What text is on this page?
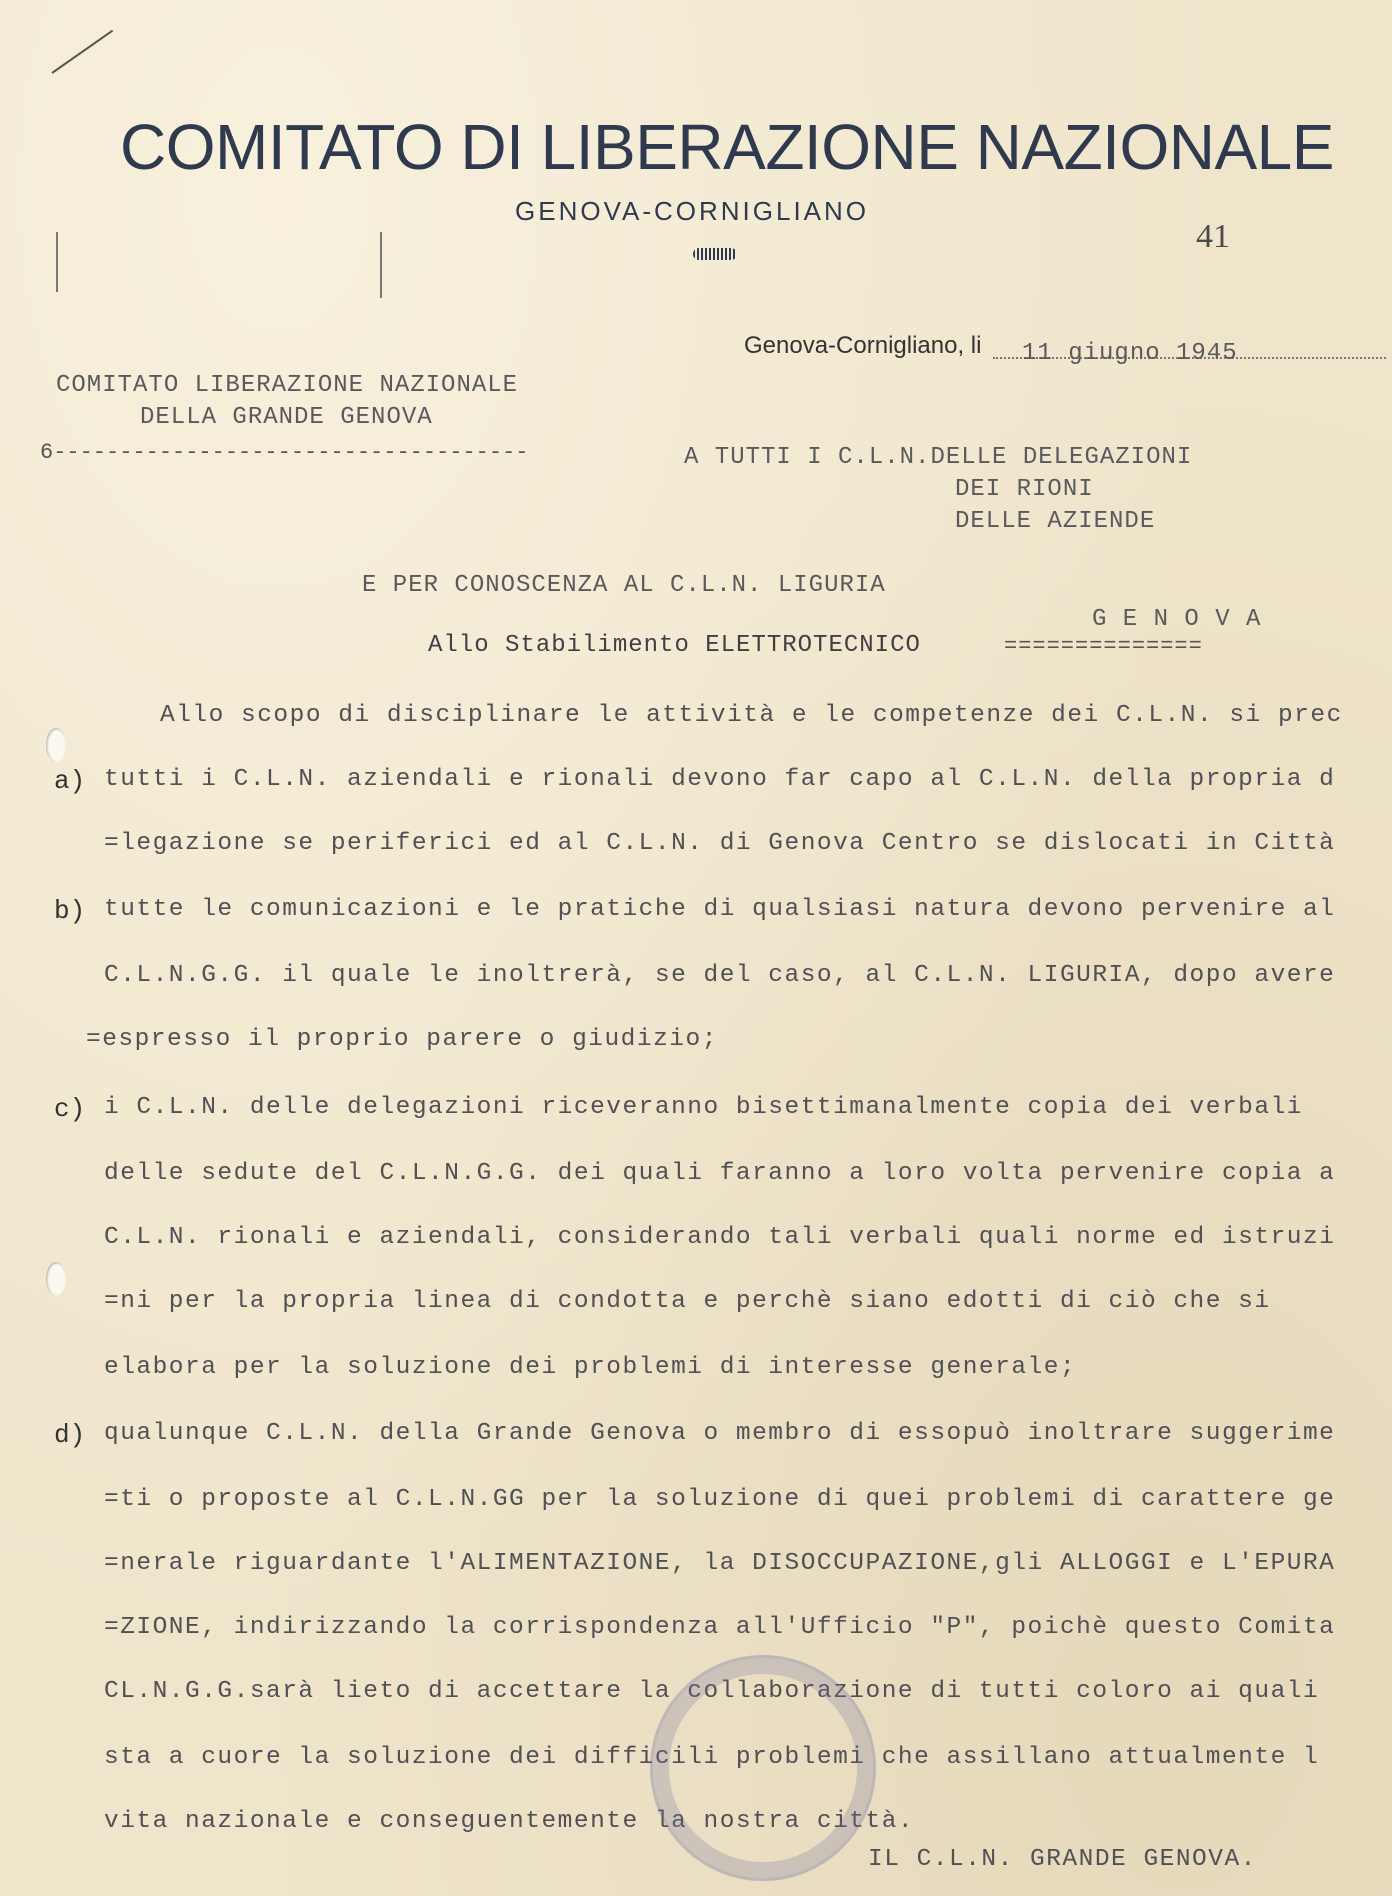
COMITATO DI LIBERAZIONE NAZIONALE
GENOVA-CORNIGLIANO
41
Genova-Cornigliano, li 11 giugno 1945
COMITATO LIBERAZIONE NAZIONALE
DELLA GRANDE GENOVA
6------------------------------------	A TUTTI I C.L.N.DELLE DELEGAZIONI
DEI RIONI
DELLE AZIENDE
E PER CONOSCENZA AL C.L.N. LIGURIA
G E N O V A
Allo Stabilimento ELETTROTECNICO	==============
Allo scopo di disciplinare le attività e le competenze dei C.L.N. si prec
a) tutti i C.L.N. aziendali e rionali devono far capo al C.L.N. della propria d
=legazione se periferici ed al C.L.N. di Genova Centro se dislocati in Città
b) tutte le comunicazioni e le pratiche di qualsiasi natura devono pervenire al
C.L.N.G.G. il quale le inoltrerà, se del caso, al C.L.N. LIGURIA, dopo avere
=espresso il proprio parere o giudizio;
c) i C.L.N. delle delegazioni riceveranno bisettimanalmente copia dei verbali
delle sedute del C.L.N.G.G. dei quali faranno a loro volta pervenire copia a
C.L.N. rionali e aziendali, considerando tali verbali quali norme ed istruzi
=ni per la propria linea di condotta e perchè siano edotti di ciò che si
elabora per la soluzione dei problemi di interesse generale;
d) qualunque C.L.N. della Grande Genova o membro di essopuò inoltrare suggerime
=ti o proposte al C.L.N.GG per la soluzione di quei problemi di carattere ge
=nerale riguardante l'ALIMENTAZIONE, la DISOCCUPAZIONE,gli ALLOGGI e L'EPURA
=ZIONE, indirizzando la corrispondenza all'Ufficio "P", poichè questo Comita
CL.N.G.G.sarà lieto di accettare la collaborazione di tutti coloro ai quali
sta a cuore la soluzione dei difficili problemi che assillano attualmente l
vita nazionale e conseguentemente la nostra città.
IL C.L.N. GRANDE GENOVA.
